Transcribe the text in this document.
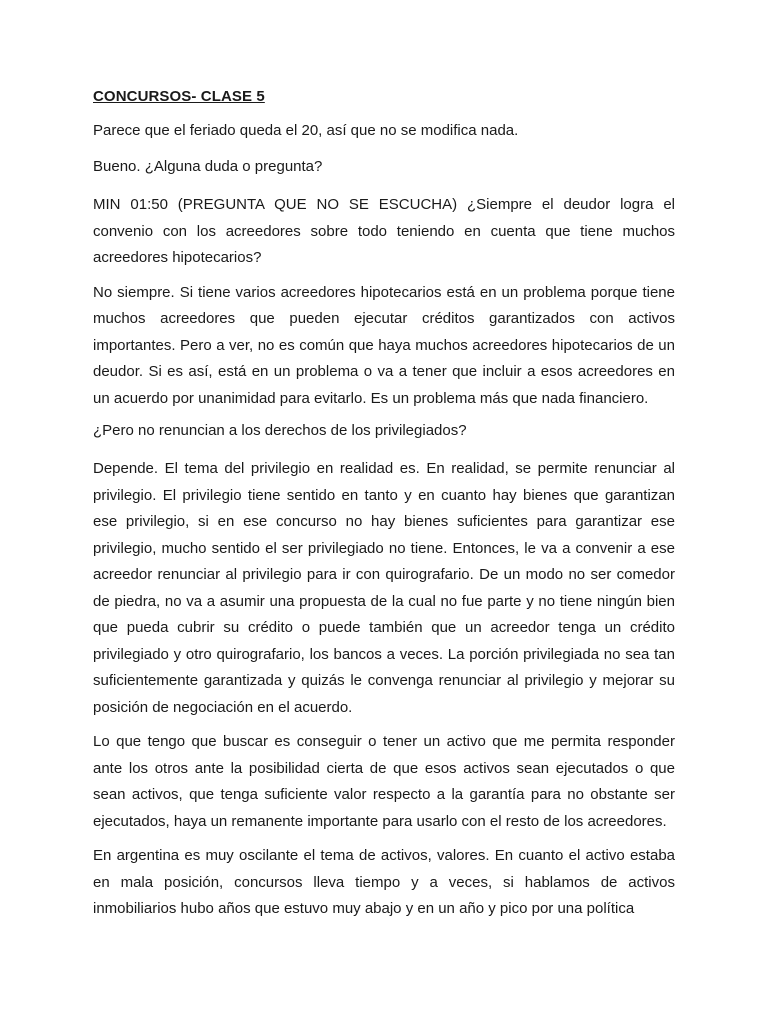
CONCURSOS- CLASE 5

Parece que el feriado queda el 20, así que no se modifica nada.

Bueno. ¿Alguna duda o pregunta?

MIN 01:50 (PREGUNTA QUE NO SE ESCUCHA) ¿Siempre el deudor logra el convenio con los acreedores sobre todo teniendo en cuenta que tiene muchos acreedores hipotecarios?

No siempre. Si tiene varios acreedores hipotecarios está en un problema porque tiene muchos acreedores que pueden ejecutar créditos garantizados con activos importantes. Pero a ver, no es común que haya muchos acreedores hipotecarios de un deudor. Si es así, está en un problema o va a tener que incluir a esos acreedores en un acuerdo por unanimidad para evitarlo. Es un problema más que nada financiero.

¿Pero no renuncian a los derechos de los privilegiados?

Depende. El tema del privilegio en realidad es. En realidad, se permite renunciar al privilegio. El privilegio tiene sentido en tanto y en cuanto hay bienes que garantizan ese privilegio, si en ese concurso no hay bienes suficientes para garantizar ese privilegio, mucho sentido el ser privilegiado no tiene. Entonces, le va a convenir a ese acreedor renunciar al privilegio para ir con quirografario. De un modo no ser comedor de piedra, no va a asumir una propuesta de la cual no fue parte y no tiene ningún bien que pueda cubrir su crédito o puede también que un acreedor tenga un crédito privilegiado y otro quirografario, los bancos a veces. La porción privilegiada no sea tan suficientemente garantizada y quizás le convenga renunciar al privilegio y mejorar su posición de negociación en el acuerdo.

Lo que tengo que buscar es conseguir o tener un activo que me permita responder ante los otros ante la posibilidad cierta de que esos activos sean ejecutados o que sean activos, que tenga suficiente valor respecto a la garantía para no obstante ser ejecutados, haya un remanente importante para usarlo con el resto de los acreedores.

En argentina es muy oscilante el tema de activos, valores. En cuanto el activo estaba en mala posición, concursos lleva tiempo y a veces, si hablamos de activos inmobiliarios hubo años que estuvo muy abajo y en un año y pico por una política
